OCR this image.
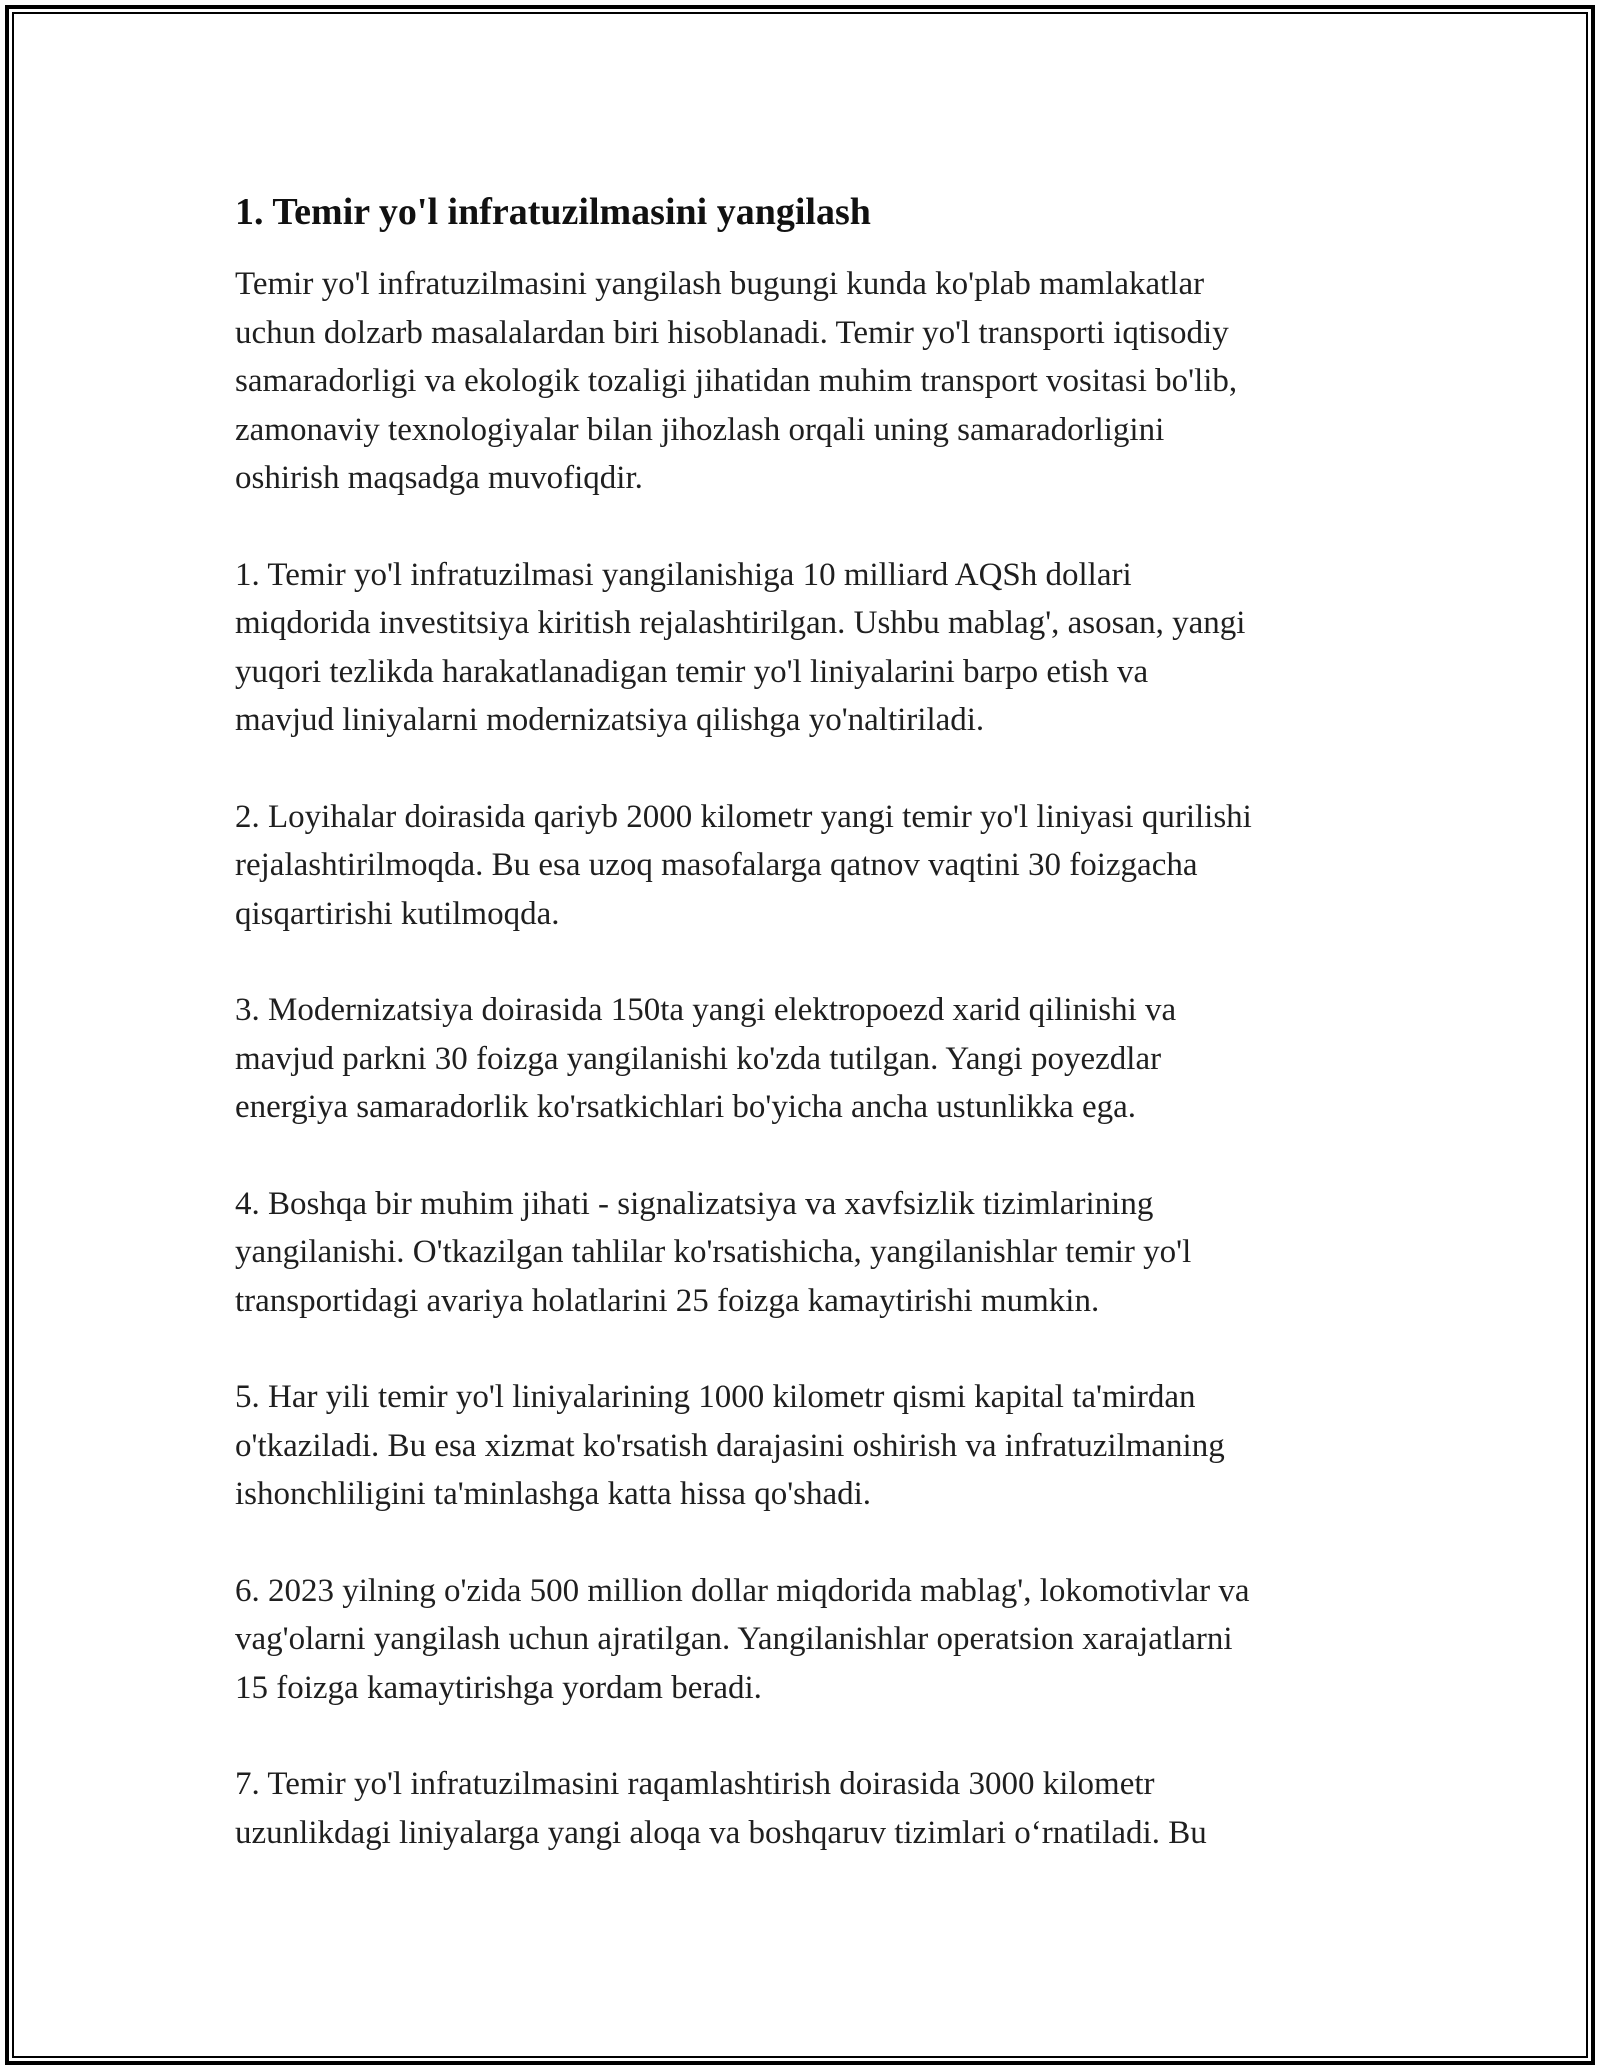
1. Temir yo'l infratuzilmasini yangilash

Temir yo'l infratuzilmasini yangilash bugungi kunda ko'plab mamlakatlar
uchun dolzarb masalalardan biri hisoblanadi. Temir yo'l transporti iqtisodiy
samaradorligi va ekologik tozaligi jihatidan muhim transport vositasi bo'lib,
zamonaviy texnologiyalar bilan jihozlash orqali uning samaradorligini
oshirish maqsadga muvofiqdir.

1. Temir yo'l infratuzilmasi yangilanishiga 10 milliard AQSh dollari
miqdorida investitsiya kiritish rejalashtirilgan. Ushbu mablag', asosan, yangi
yuqori tezlikda harakatlanadigan temir yo'l liniyalarini barpo etish va
mavjud liniyalarni modernizatsiya qilishga yo'naltiriladi.

2. Loyihalar doirasida qariyb 2000 kilometr yangi temir yo'l liniyasi qurilishi
rejalashtirilmoqda. Bu esa uzoq masofalarga qatnov vaqtini 30 foizgacha
qisqartirishi kutilmoqda.

3. Modernizatsiya doirasida 150ta yangi elektropoezd xarid qilinishi va
mavjud parkni 30 foizga yangilanishi ko'zda tutilgan. Yangi poyezdlar
energiya samaradorlik ko'rsatkichlari bo'yicha ancha ustunlikka ega.

4. Boshqa bir muhim jihati - signalizatsiya va xavfsizlik tizimlarining
yangilanishi. O'tkazilgan tahlilar ko'rsatishicha, yangilanishlar temir yo'l
transportidagi avariya holatlarini 25 foizga kamaytirishi mumkin.

5. Har yili temir yo'l liniyalarining 1000 kilometr qismi kapital ta'mirdan
o'tkaziladi. Bu esa xizmat ko'rsatish darajasini oshirish va infratuzilmaning
ishonchliligini ta'minlashga katta hissa qo'shadi.

6. 2023 yilning o'zida 500 million dollar miqdorida mablag', lokomotivlar va
vag'olarni yangilash uchun ajratilgan. Yangilanishlar operatsion xarajatlarni
15 foizga kamaytirishga yordam beradi.

7. Temir yo'l infratuzilmasini raqamlashtirish doirasida 3000 kilometr
uzunlikdagi liniyalarga yangi aloqa va boshqaruv tizimlari o‘rnatiladi. Bu
